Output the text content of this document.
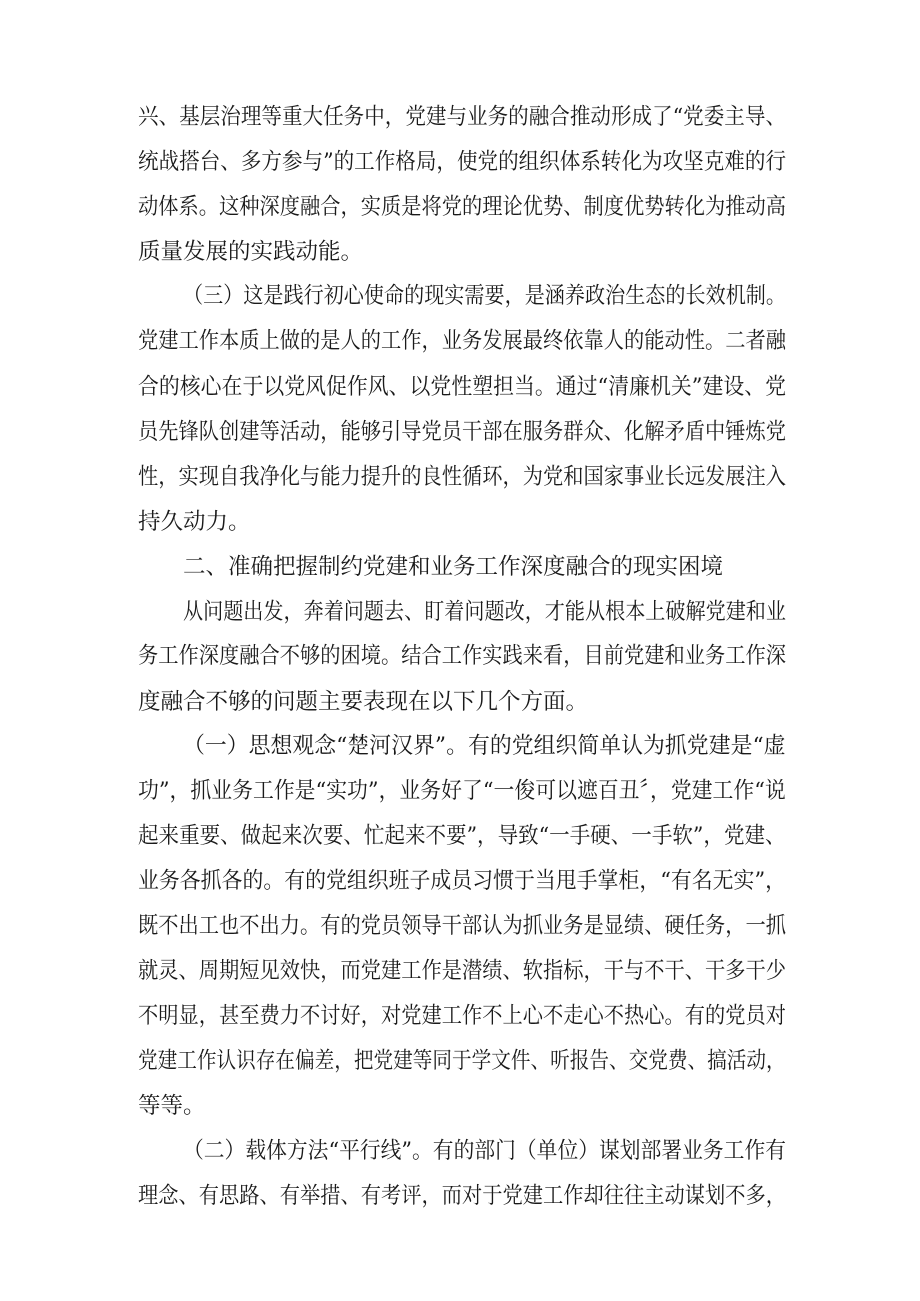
兴、基层治理等重大任务中，党建与业务的融合推动形成了“党委主导、
统战搭台、多方参与”的工作格局，使党的组织体系转化为攻坚克难的行
动体系。这种深度融合，实质是将党的理论优势、制度优势转化为推动高
质量发展的实践动能。
（三）这是践行初心使命的现实需要，是涵养政治生态的长效机制。
党建工作本质上做的是人的工作，业务发展最终依靠人的能动性。二者融
合的核心在于以党风促作风、以党性塑担当。通过“清廉机关”建设、党
员先锋队创建等活动，能够引导党员干部在服务群众、化解矛盾中锤炼党
性，实现自我净化与能力提升的良性循环，为党和国家事业长远发展注入
持久动力。
二、准确把握制约党建和业务工作深度融合的现实困境
从问题出发，奔着问题去、盯着问题改，才能从根本上破解党建和业
务工作深度融合不够的困境。结合工作实践来看，目前党建和业务工作深
度融合不够的问题主要表现在以下几个方面。
（一）思想观念“楚河汉界”。有的党组织简单认为抓党建是“虚
功”，抓业务工作是“实功”，业务好了“一俊可以遮百丑〞，党建工作“说
起来重要、做起来次要、忙起来不要”，导致“一手硬、一手软”，党建、
业务各抓各的。有的党组织班子成员习惯于当甩手掌柜，“有名无实”，
既不出工也不出力。有的党员领导干部认为抓业务是显绩、硬任务，一抓
就灵、周期短见效快，而党建工作是潜绩、软指标，干与不干、干多干少
不明显，甚至费力不讨好，对党建工作不上心不走心不热心。有的党员对
党建工作认识存在偏差，把党建等同于学文件、听报告、交党费、搞活动，
等等。
（二）载体方法“平行线”。有的部门（单位）谋划部署业务工作有
理念、有思路、有举措、有考评，而对于党建工作却往往主动谋划不多，
